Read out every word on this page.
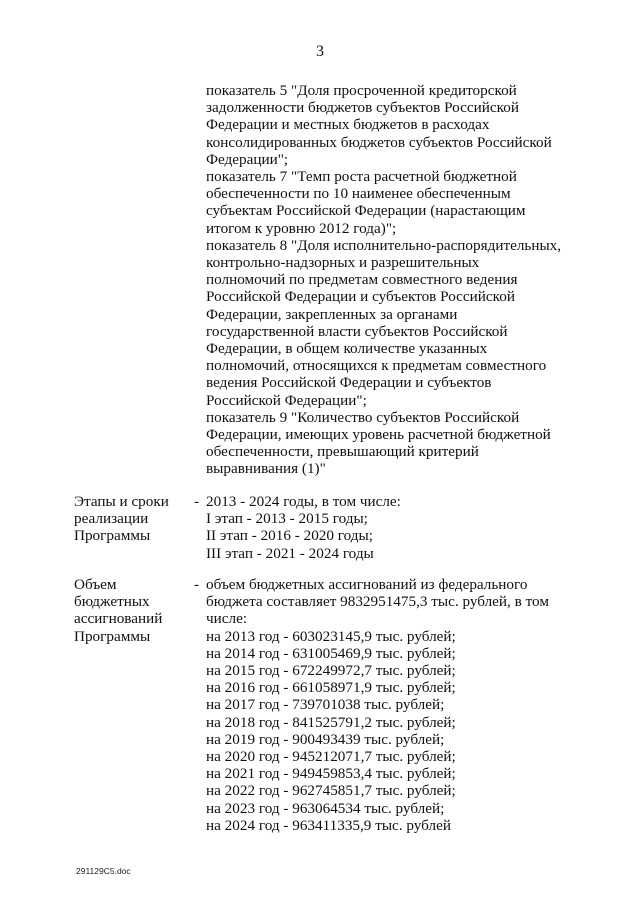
3
показатель 5 "Доля просроченной кредиторской
задолженности бюджетов субъектов Российской
Федерации и местных бюджетов в расходах
консолидированных бюджетов субъектов Российской
Федерации";
показатель 7 "Темп роста расчетной бюджетной
обеспеченности по 10 наименее обеспеченным
субъектам Российской Федерации (нарастающим
итогом к уровню 2012 года)";
показатель 8 "Доля исполнительно-распорядительных,
контрольно-надзорных и разрешительных
полномочий по предметам совместного ведения
Российской Федерации и субъектов Российской
Федерации, закрепленных за органами
государственной власти субъектов Российской
Федерации, в общем количестве указанных
полномочий, относящихся к предметам совместного
ведения Российской Федерации и субъектов
Российской Федерации";
показатель 9 "Количество субъектов Российской
Федерации, имеющих уровень расчетной бюджетной
обеспеченности, превышающий критерий
выравнивания (1)"
Этапы и сроки
реализации
Программы
- 2013 - 2024 годы, в том числе:
I этап - 2013 - 2015 годы;
II этап - 2016 - 2020 годы;
III этап - 2021 - 2024 годы
Объем
бюджетных
ассигнований
Программы
- объем бюджетных ассигнований из федерального
бюджета составляет 9832951475,3 тыс. рублей, в том
числе:
на 2013 год - 603023145,9 тыс. рублей;
на 2014 год - 631005469,9 тыс. рублей;
на 2015 год - 672249972,7 тыс. рублей;
на 2016 год - 661058971,9 тыс. рублей;
на 2017 год - 739701038 тыс. рублей;
на 2018 год - 841525791,2 тыс. рублей;
на 2019 год - 900493439 тыс. рублей;
на 2020 год - 945212071,7 тыс. рублей;
на 2021 год - 949459853,4 тыс. рублей;
на 2022 год - 962745851,7 тыс. рублей;
на 2023 год - 963064534 тыс. рублей;
на 2024 год - 963411335,9 тыс. рублей
291129C5.doc
